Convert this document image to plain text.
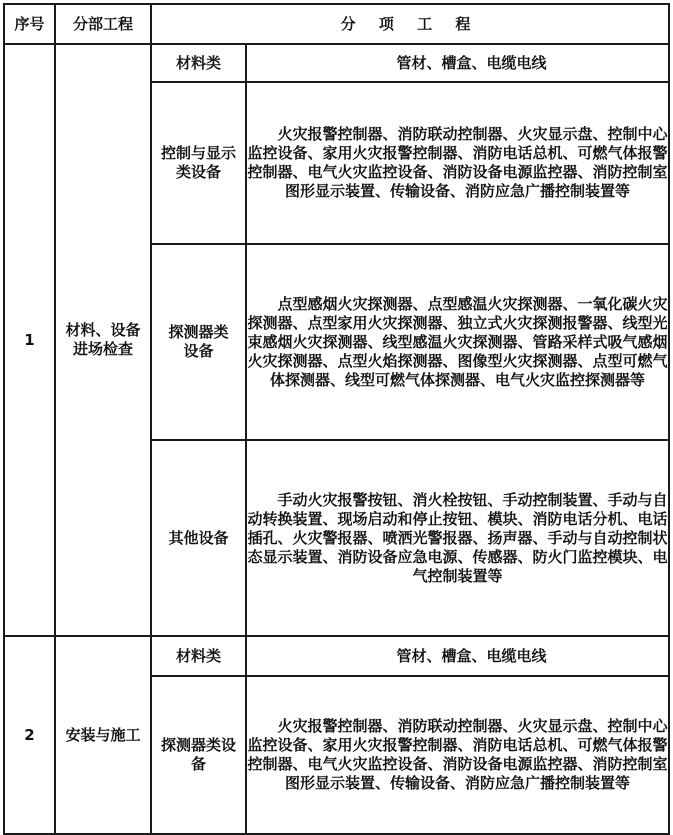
序号	分部工程	分 项 工 程	
1	材料、设备进场检查	材料类	管材、槽盒、电缆电线

		控制与显示类设备	火灾报警控制器、消防联动控制器、火灾显示盘、控制中心监控设备、家用火灾报警控制器、消防电话总机、可燃气体报警控制器、电气火灾监控设备、消防设备电源监控器、消防控制室图形显示装置、传输设备、消防应急广播控制装置等

		探测器类设备	点型感烟火灾探测器、点型感温火灾探测器、一氧化碳火灾探测器、点型家用火灾探测器、独立式火灾探测报警器、线型光束感烟火灾探测器、线型感温火灾探测器、管路采样式吸气感烟火灾探测器、点型火焰探测器、图像型火灾探测器、点型可燃气体探测器、线型可燃气体探测器、电气火灾监控探测器等

		其他设备	手动火灾报警按钮、消火栓按钮、手动控制装置、手动与自动转换装置、现场启动和停止按钮、模块、消防电话分机、电话插孔、火灾警报器、喷洒光警报器、扬声器、手动与自动控制状态显示装置、消防设备应急电源、传感器、防火门监控模块、电气控制装置等

2	安装与施工	材料类	管材、槽盒、电缆电线

		探测器类设备	火灾报警控制器、消防联动控制器、火灾显示盘、控制中心监控设备、家用火灾报警控制器、消防电话总机、可燃气体报警控制器、电气火灾监控设备、消防设备电源监控器、消防控制室图形显示装置、传输设备、消防应急广播控制装置等
